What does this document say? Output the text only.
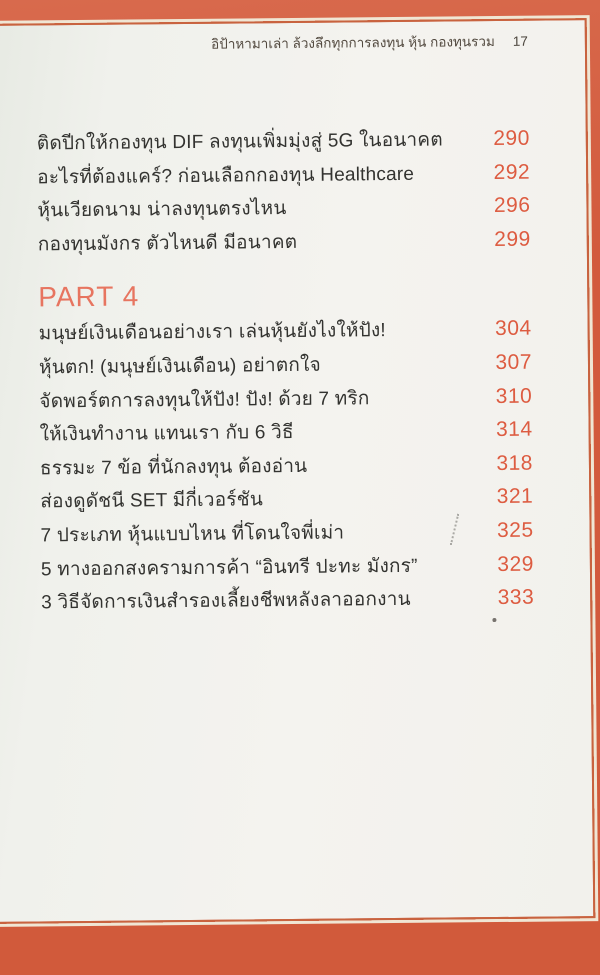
อิป้าหามาเล่า ล้วงลึกทุกการลงทุน หุ้น กองทุนรวม 17
ติดปีกให้กองทุน DIF ลงทุนเพิ่มมุ่งสู่ 5G ในอนาคต 290
อะไรที่ต้องแคร์? ก่อนเลือกกองทุน Healthcare	292
หุ้นเวียดนาม น่าลงทุนตรงไหน	296
กองทุนมังกร ตัวไหนดี มีอนาคต	299
PART 4
มนุษย์เงินเดือนอย่างเรา เล่นหุ้นยังไงให้ปัง!	304
หุ้นตก! (มนุษย์เงินเดือน) อย่าตกใจ	307
จัดพอร์ตการลงทุนให้ปัง! ปัง! ด้วย 7 ทริก	310
ให้เงินทำงาน แทนเรา กับ 6 วิธี	314
ธรรมะ 7 ข้อ ที่นักลงทุน ต้องอ่าน	318
ส่องดูดัชนี SET มีกี่เวอร์ชัน	321
7 ประเภท หุ้นแบบไหน ที่โดนใจพี่เม่า	325
5 ทางออกสงครามการค้า “อินทรี ปะทะ มังกร”	329
3 วิธีจัดการเงินสำรองเลี้ยงชีพหลังลาออกงาน	333
